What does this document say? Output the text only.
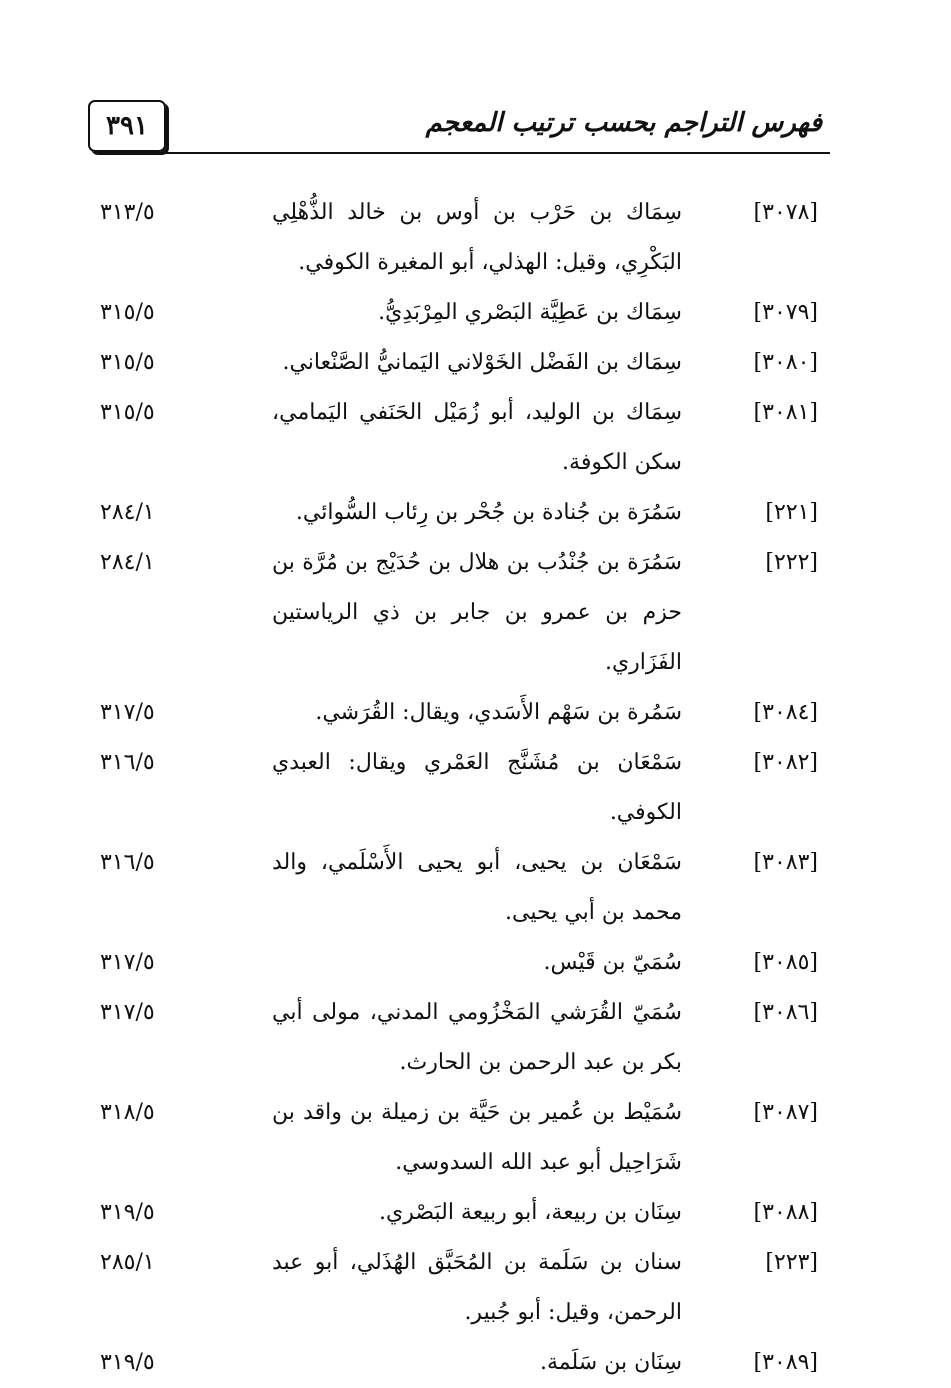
٣٩١	فهرس التراجم بحسب ترتيب المعجم
[٣٠٧٨]
سِمَاك بن حَرْب بن أوس بن خالد الذُّهْلِي البَكْرِي، وقيل: الهذلي، أبو المغيرة الكوفي.
٣١٣/٥
[٣٠٧٩]
سِمَاك بن عَطِيَّة البَصْري المِرْبَدِيُّ.
٣١٥/٥
[٣٠٨٠]
سِمَاك بن الفَضْل الخَوْلاني اليَمانيُّ الصَّنْعاني.
٣١٥/٥
[٣٠٨١]
سِمَاك بن الوليد، أبو زُمَيْل الحَنَفي اليَمامي، سكن الكوفة.
٣١٥/٥
[٢٢١]
سَمُرَة بن جُنادة بن جُحْر بن رِئاب السُّوائي.
٢٨٤/١
[٢٢٢]
سَمُرَة بن جُنْدُب بن هلال بن حُدَيْج بن مُرَّة بن حزم بن عمرو بن جابر بن ذي الرياستين الفَزَاري.
٢٨٤/١
[٣٠٨٤]
سَمُرة بن سَهْم الأَسَدي، ويقال: القُرَشي.
٣١٧/٥
[٣٠٨٢]
سَمْعَان بن مُشَنَّج العَمْري ويقال: العبدي الكوفي.
٣١٦/٥
[٣٠٨٣]
سَمْعَان بن يحيى، أبو يحيى الأَسْلَمي، والد محمد بن أبي يحيى.
٣١٦/٥
[٣٠٨٥]
سُمَيّ بن قَيْس.
٣١٧/٥
[٣٠٨٦]
سُمَيّ القُرَشي المَخْزُومي المدني، مولى أبي بكر بن عبد الرحمن بن الحارث.
٣١٧/٥
[٣٠٨٧]
سُمَيْط بن عُمير بن حَيَّة بن زميلة بن واقد بن شَرَاحِيل أبو عبد الله السدوسي.
٣١٨/٥
[٣٠٨٨]
سِنَان بن ربيعة، أبو ربيعة البَصْري.
٣١٩/٥
[٢٢٣]
سنان بن سَلَمة بن المُحَبَّق الهُذَلي، أبو عبد الرحمن، وقيل: أبو جُبير.
٢٨٥/١
[٣٠٨٩]
سِنَان بن سَلَمة.
٣١٩/٥
